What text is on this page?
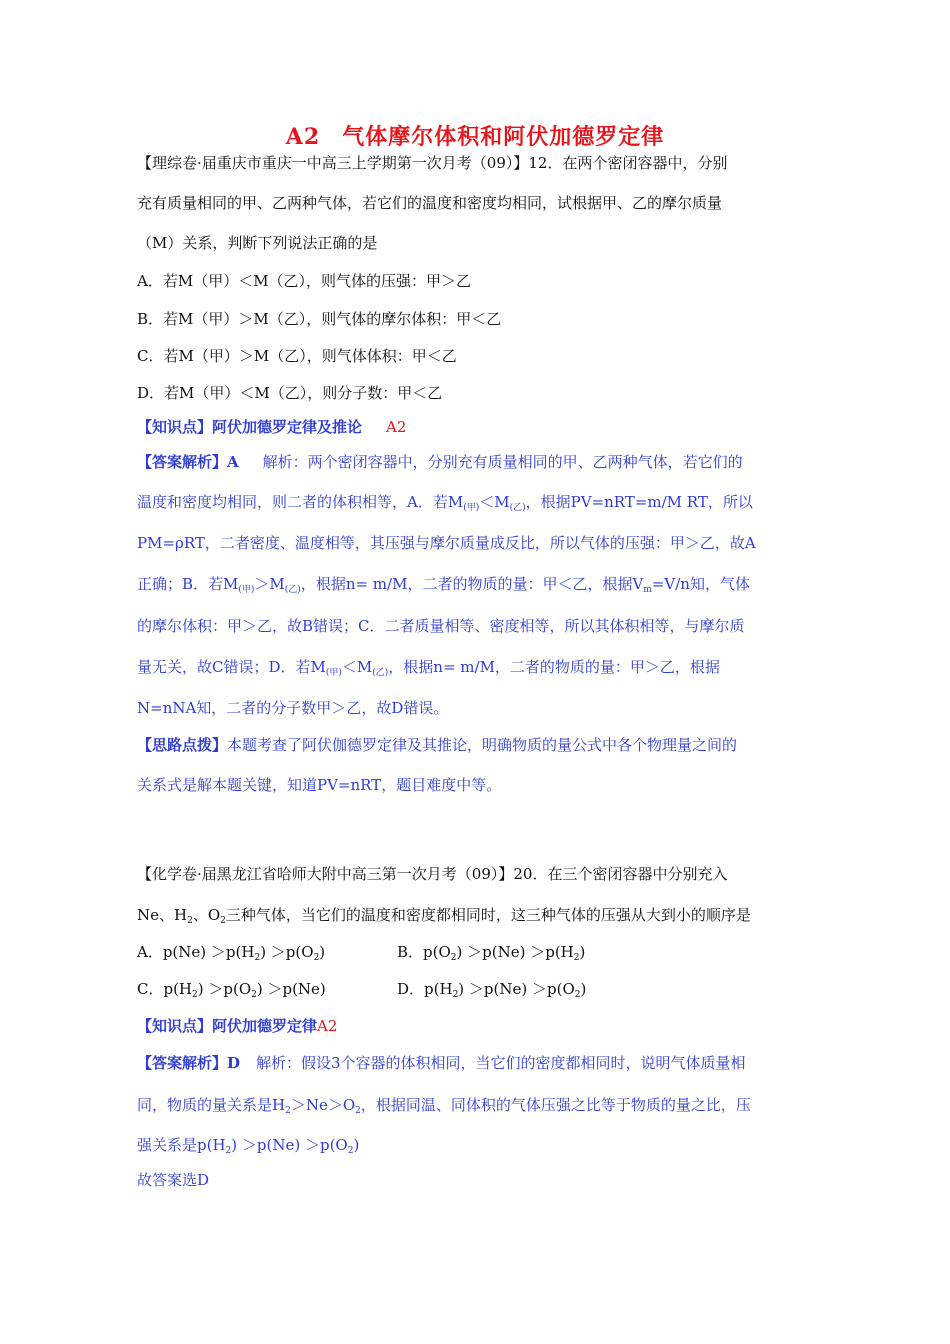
A2 气体摩尔体积和阿伏加德罗定律
【理综卷·届重庆市重庆一中高三上学期第一次月考（09）】12．在两个密闭容器中，分别
充有质量相同的甲、乙两种气体，若它们的温度和密度均相同，试根据甲、乙的摩尔质量
（M）关系，判断下列说法正确的是
A．若M（甲）＜M（乙），则气体的压强：甲＞乙
B．若M（甲）＞M（乙），则气体的摩尔体积：甲＜乙
C．若M（甲）＞M（乙），则气体体积：甲＜乙
D．若M（甲）＜M（乙），则分子数：甲＜乙
【知识点】阿伏加德罗定律及推论 A2
【答案解析】A 解析：两个密闭容器中，分别充有质量相同的甲、乙两种气体，若它们的
温度和密度均相同，则二者的体积相等，A．若$M_{(甲)}<M_{(乙)}$，根据PV=nRT=m/M RT，所以
PM=ρRT，二者密度、温度相等，其压强与摩尔质量成反比，所以气体的压强：甲＞乙，故A
正确；B．若$M_{(甲)}>M_{(乙)}$，根据n= m/M，二者的物质的量：甲＜乙，根据$V_m=V/n$知，气体
的摩尔体积：甲＞乙，故B错误；C．二者质量相等、密度相等，所以其体积相等，与摩尔质
量无关，故C错误；D．若$M_{(甲)}<M_{(乙)}$，根据n= m/M，二者的物质的量：甲＞乙，根据
N=nNA知，二者的分子数甲＞乙，故D错误。
【思路点拨】本题考查了阿伏伽德罗定律及其推论，明确物质的量公式中各个物理量之间的
关系式是解本题关键，知道PV=nRT，题目难度中等。
【化学卷·届黑龙江省哈师大附中高三第一次月考（09）】20．在三个密闭容器中分别充入
Ne、$H_2$、$O_2$三种气体，当它们的温度和密度都相同时，这三种气体的压强从大到小的顺序是
A．$p(Ne) >p(H_2) >p(O_2)$	B．$p(O_2) >p(Ne) >p(H_2)$
C．$p(H_2) >p(O_2) >p(Ne)$	D．$p(H_2) >p(Ne) >p(O_2)$
【知识点】阿伏加德罗定律A2
【答案解析】D 解析：假设3个容器的体积相同，当它们的密度都相同时，说明气体质量相
同，物质的量关系是$H_2>Ne>O_2$，根据同温、同体积的气体压强之比等于物质的量之比，压
强关系是$p(H_2) >p(Ne) >p(O_2)$
故答案选D
